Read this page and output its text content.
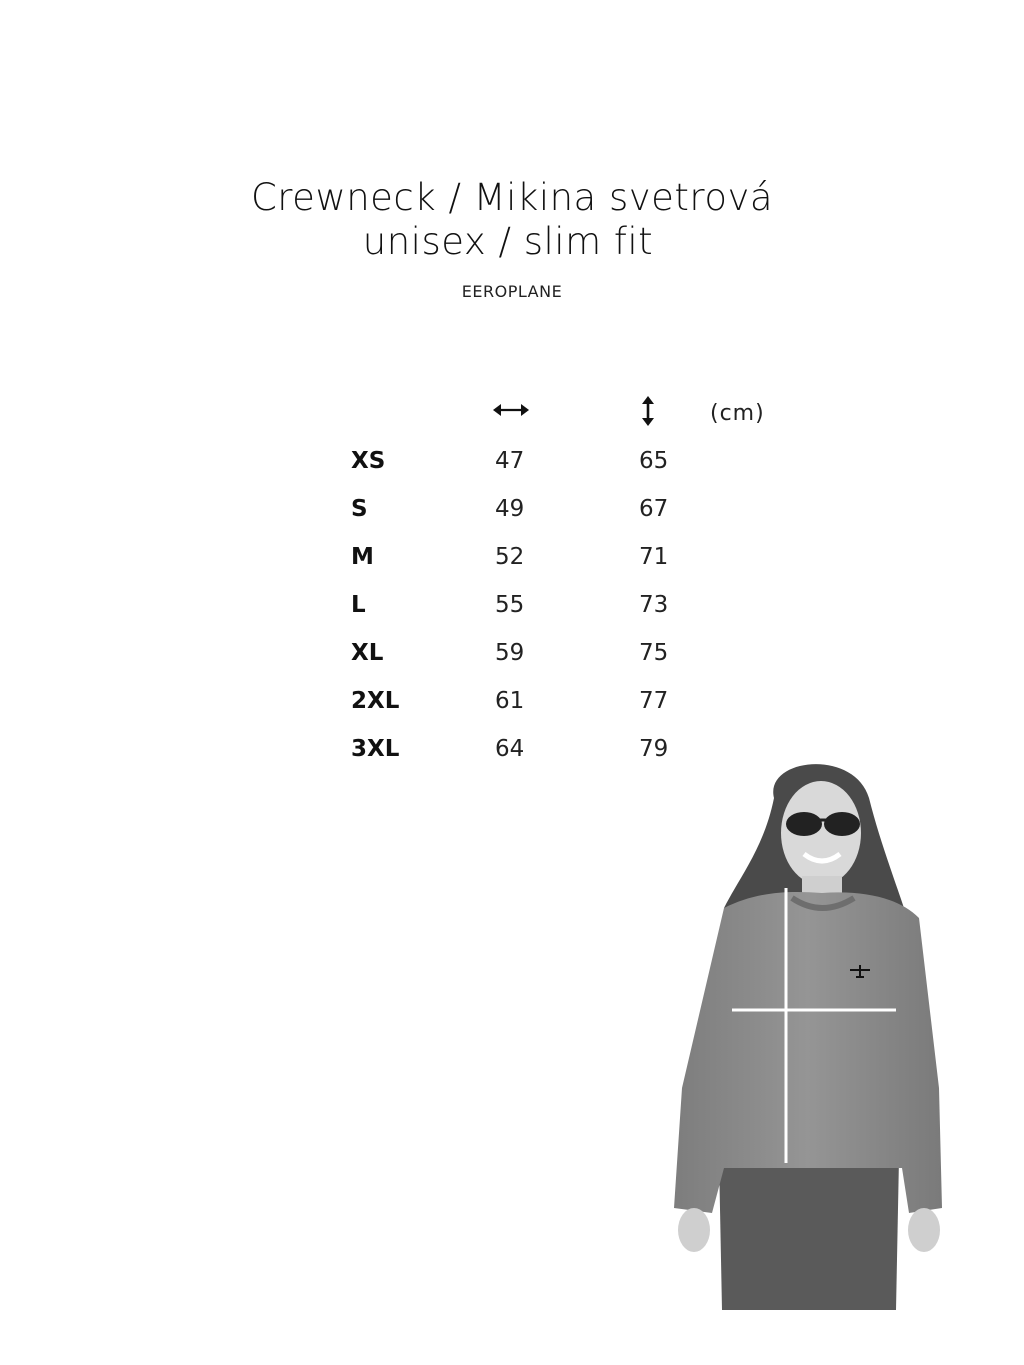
Crewneck / Mikina svetrová
unisex / slim fit
EEROPLANE
(cm)
XS	47	65
S	49	67
M	52	71
L	55	73
XL	59	75
2XL	61	77
3XL	64	79
